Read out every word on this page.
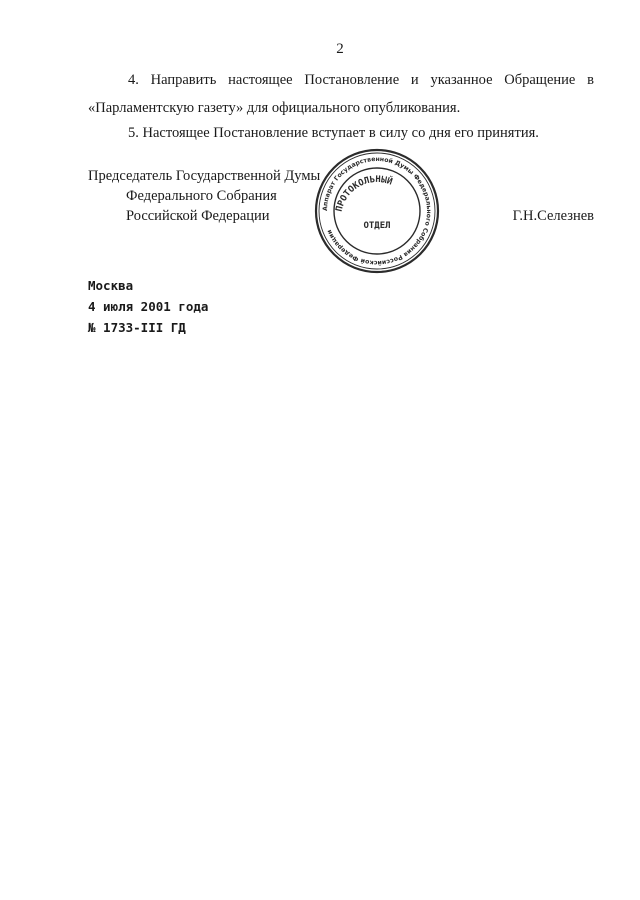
2
4. Направить настоящее Постановление и указанное Обращение в
«Парламентскую газету» для официального опубликования.
5. Настоящее Постановление вступает в силу со дня его принятия.
Председатель Государственной Думы
Федерального Собрания
Российской Федерации	Г.Н.Селезнев
Аппарат Государственной Думы Федерального Собрания Российской Федерации
ПРОТОКОЛЬНЫЙ
ОТДЕЛ
Москва
4 июля 2001 года
№ 1733-III ГД
